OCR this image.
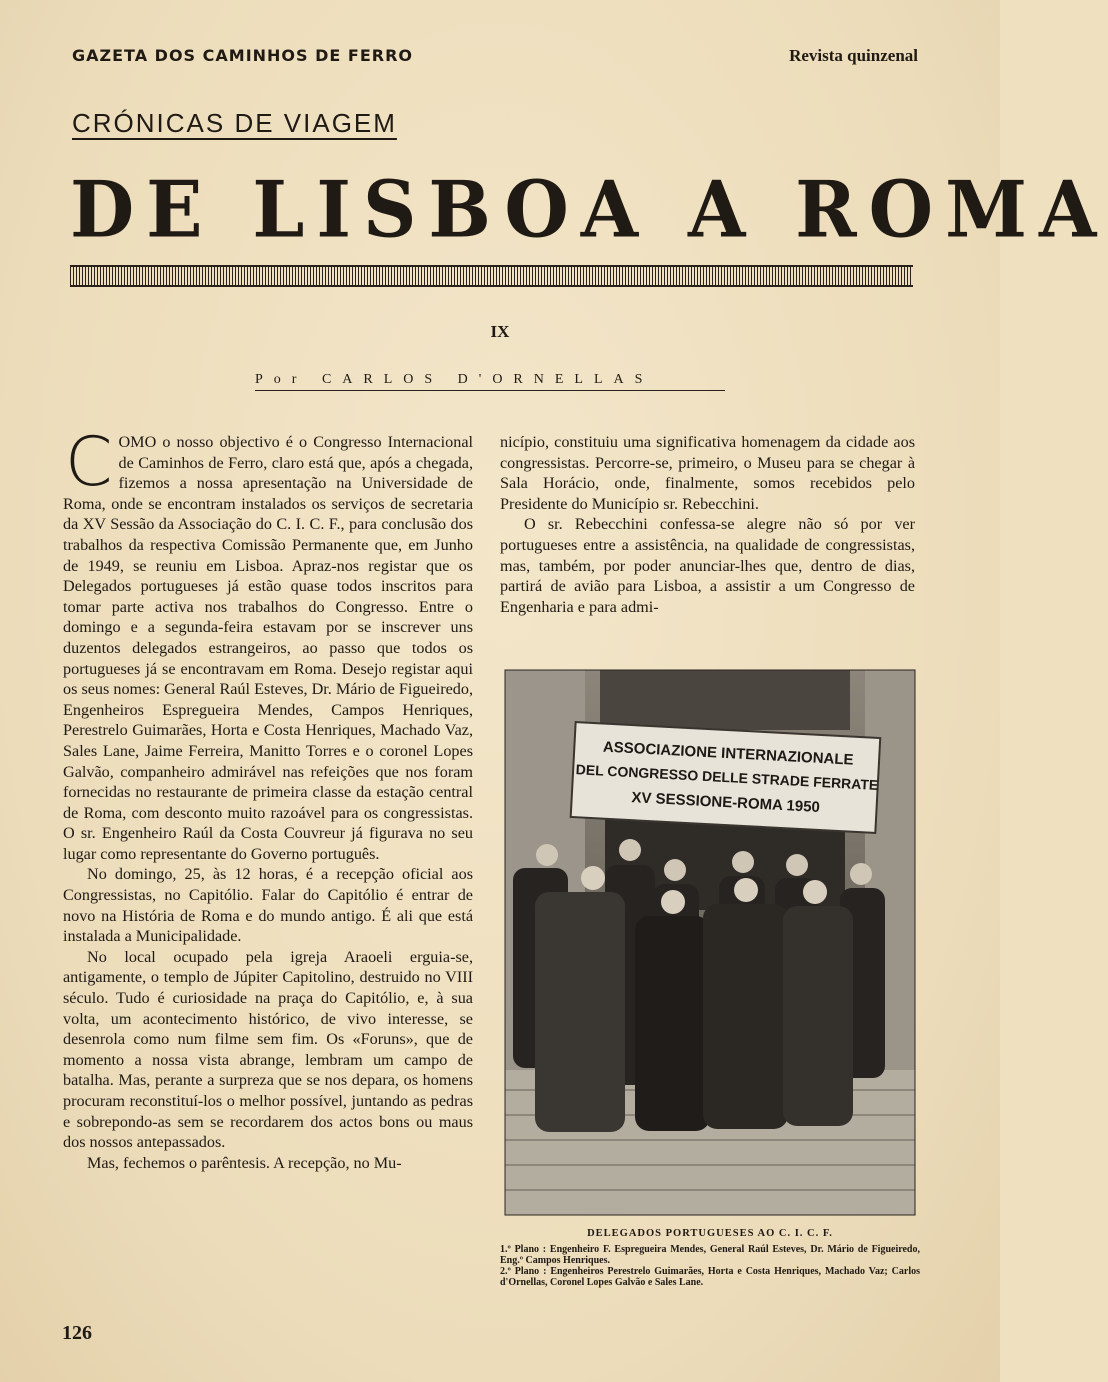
GAZETA DOS CAMINHOS DE FERRO	Revista quinzenal
CRÓNICAS DE VIAGEM
DE LISBOA A ROMA
IX
Por CARLOS D'ORNELLAS

COMO o nosso objectivo é o Congresso Internacional de Caminhos de Ferro, claro está que, após a chegada, fizemos a nossa apresentação na Universidade de Roma, onde se encontram instalados os serviços de secretaria da XV Sessão da Associação do C. I. C. F., para conclusão dos trabalhos da respectiva Comissão Permanente que, em Junho de 1949, se reuniu em Lisboa. Apraz-nos registar que os Delegados portugueses já estão quase todos inscritos para tomar parte activa nos trabalhos do Congresso. Entre o domingo e a segunda-feira estavam por se inscrever uns duzentos delegados estrangeiros, ao passo que todos os portugueses já se encontravam em Roma. Desejo registar aqui os seus nomes: General Raúl Esteves, Dr. Mário de Figueiredo, Engenheiros Espregueira Mendes, Campos Henriques, Perestrelo Guimarães, Horta e Costa Henriques, Machado Vaz, Sales Lane, Jaime Ferreira, Manitto Torres e o coronel Lopes Galvão, companheiro admirável nas refeições que nos foram fornecidas no restaurante de primeira classe da estação central de Roma, com desconto muito razoável para os congressistas. O sr. Engenheiro Raúl da Costa Couvreur já figurava no seu lugar como representante do Governo português.

No domingo, 25, às 12 horas, é a recepção oficial aos Congressistas, no Capitólio. Falar do Capitólio é entrar de novo na História de Roma e do mundo antigo. É ali que está instalada a Municipalidade.

No local ocupado pela igreja Araoeli erguia-se, antigamente, o templo de Júpiter Capitolino, destruido no VIII século. Tudo é curiosidade na praça do Capitólio, e, à sua volta, um acontecimento histórico, de vivo interesse, se desenrola como num filme sem fim. Os «Foruns», que de momento a nossa vista abrange, lembram um campo de batalha. Mas, perante a surpreza que se nos depara, os homens procuram reconstituí-los o melhor possível, juntando as pedras e sobrepondo-as sem se recordarem dos actos bons ou maus dos nossos antepassados.

Mas, fechemos o parêntesis. A recepção, no Mu-

nicípio, constituiu uma significativa homenagem da cidade aos congressistas. Percorre-se, primeiro, o Museu para se chegar à Sala Horácio, onde, finalmente, somos recebidos pelo Presidente do Município sr. Rebecchini.

O sr. Rebecchini confessa-se alegre não só por ver portugueses entre a assistência, na qualidade de congressistas, mas, também, por poder anunciar-lhes que, dentro de dias, partirá de avião para Lisboa, a assistir a um Congresso de Engenharia e para admi-

ASSOCIAZIONE INTERNAZIONALE
DEL CONGRESSO DELLE STRADE FERRATE
XV SESSIONE-ROMA 1950
DELEGADOS PORTUGUESES AO C. I. C. F.
1.º Plano : Engenheiro F. Espregueira Mendes, General Raúl Esteves, Dr. Mário de Figueiredo, Eng.º Campos Henriques.
2.º Plano : Engenheiros Perestrelo Guimarães, Horta e Costa Henriques, Machado Vaz; Carlos d'Ornellas, Coronel Lopes Galvão e Sales Lane.
126
